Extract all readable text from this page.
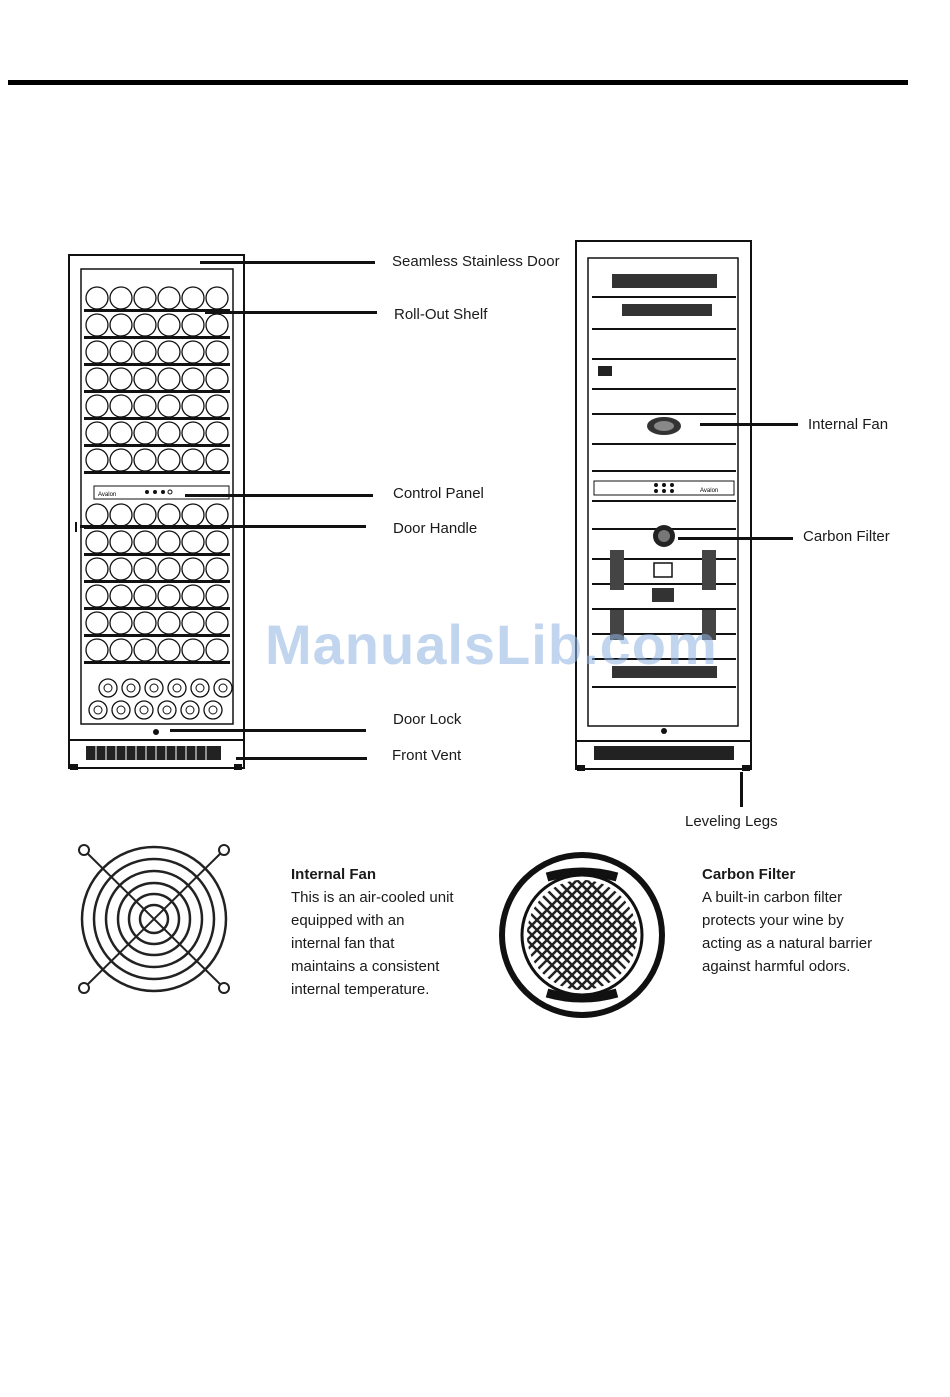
Avalon
Avalon
Seamless Stainless Door
Roll-Out Shelf
Control Panel
Door Handle
Door Lock
Front Vent
Internal Fan
Carbon Filter
Leveling Legs
Internal Fan
This is an air-cooled unit
equipped with an
internal fan that
maintains a consistent
internal temperature.
Carbon Filter
A built-in carbon filter
protects your wine by
acting as a natural barrier
against harmful odors.
ManualsLib.com
